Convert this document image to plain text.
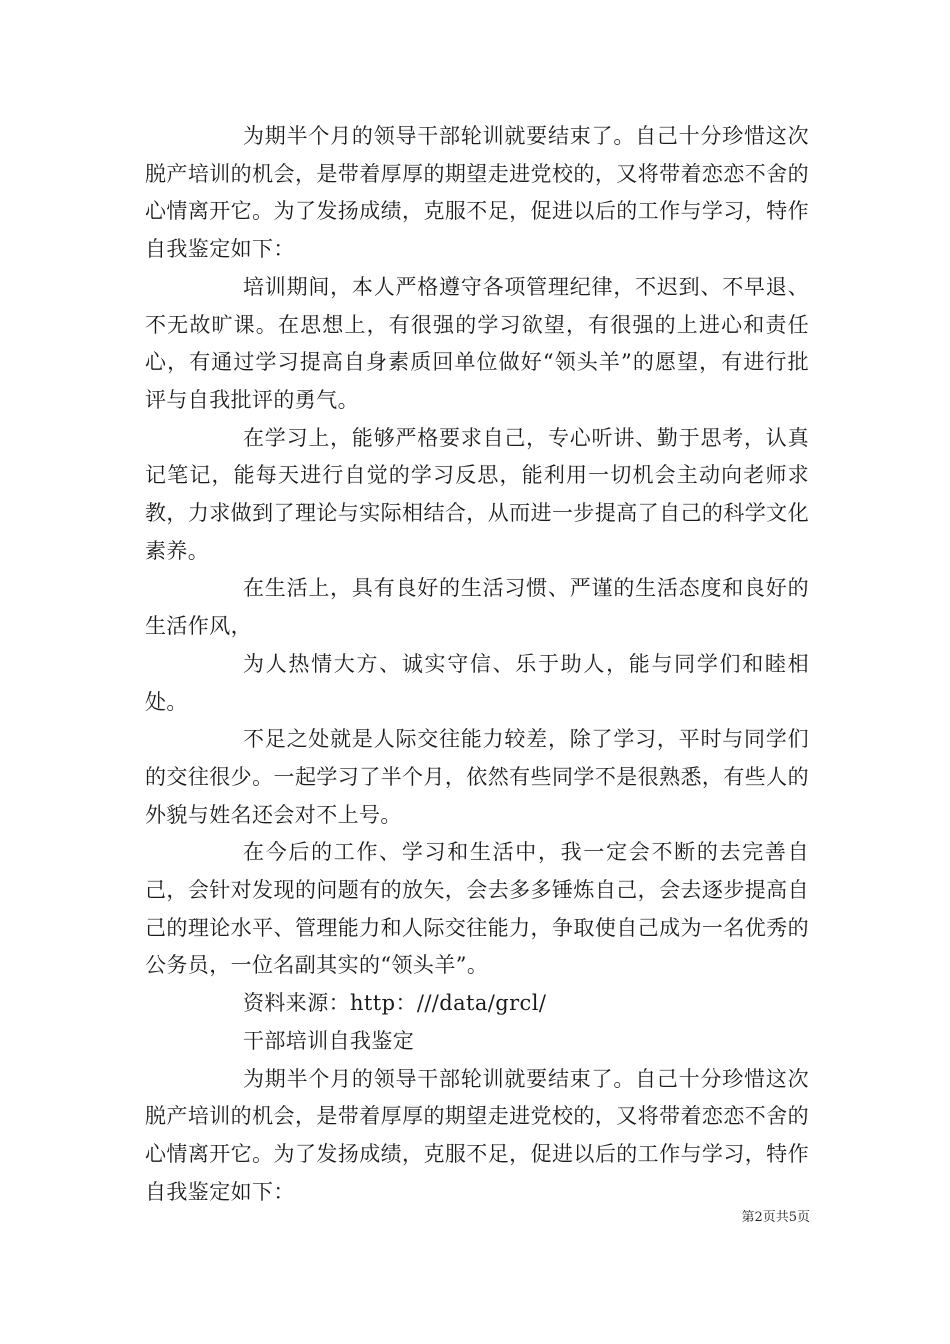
为期半个月的领导干部轮训就要结束了。自己十分珍惜这次脱产培训的机会，是带着厚厚的期望走进党校的，又将带着恋恋不舍的心情离开它。为了发扬成绩，克服不足，促进以后的工作与学习，特作自我鉴定如下：

培训期间，本人严格遵守各项管理纪律，不迟到、不早退、不无故旷课。在思想上，有很强的学习欲望，有很强的上进心和责任心，有通过学习提高自身素质回单位做好“领头羊”的愿望，有进行批评与自我批评的勇气。

在学习上，能够严格要求自己，专心听讲、勤于思考，认真记笔记，能每天进行自觉的学习反思，能利用一切机会主动向老师求教，力求做到了理论与实际相结合，从而进一步提高了自己的科学文化素养。

在生活上，具有良好的生活习惯、严谨的生活态度和良好的生活作风，

为人热情大方、诚实守信、乐于助人，能与同学们和睦相处。

不足之处就是人际交往能力较差，除了学习，平时与同学们的交往很少。一起学习了半个月，依然有些同学不是很熟悉，有些人的外貌与姓名还会对不上号。

在今后的工作、学习和生活中，我一定会不断的去完善自己，会针对发现的问题有的放矢，会去多多锤炼自己，会去逐步提高自己的理论水平、管理能力和人际交往能力，争取使自己成为一名优秀的公务员，一位名副其实的“领头羊”。

资料来源：http：///data/grcl/

干部培训自我鉴定

为期半个月的领导干部轮训就要结束了。自己十分珍惜这次脱产培训的机会，是带着厚厚的期望走进党校的，又将带着恋恋不舍的心情离开它。为了发扬成绩，克服不足，促进以后的工作与学习，特作自我鉴定如下：

第2页共5页
